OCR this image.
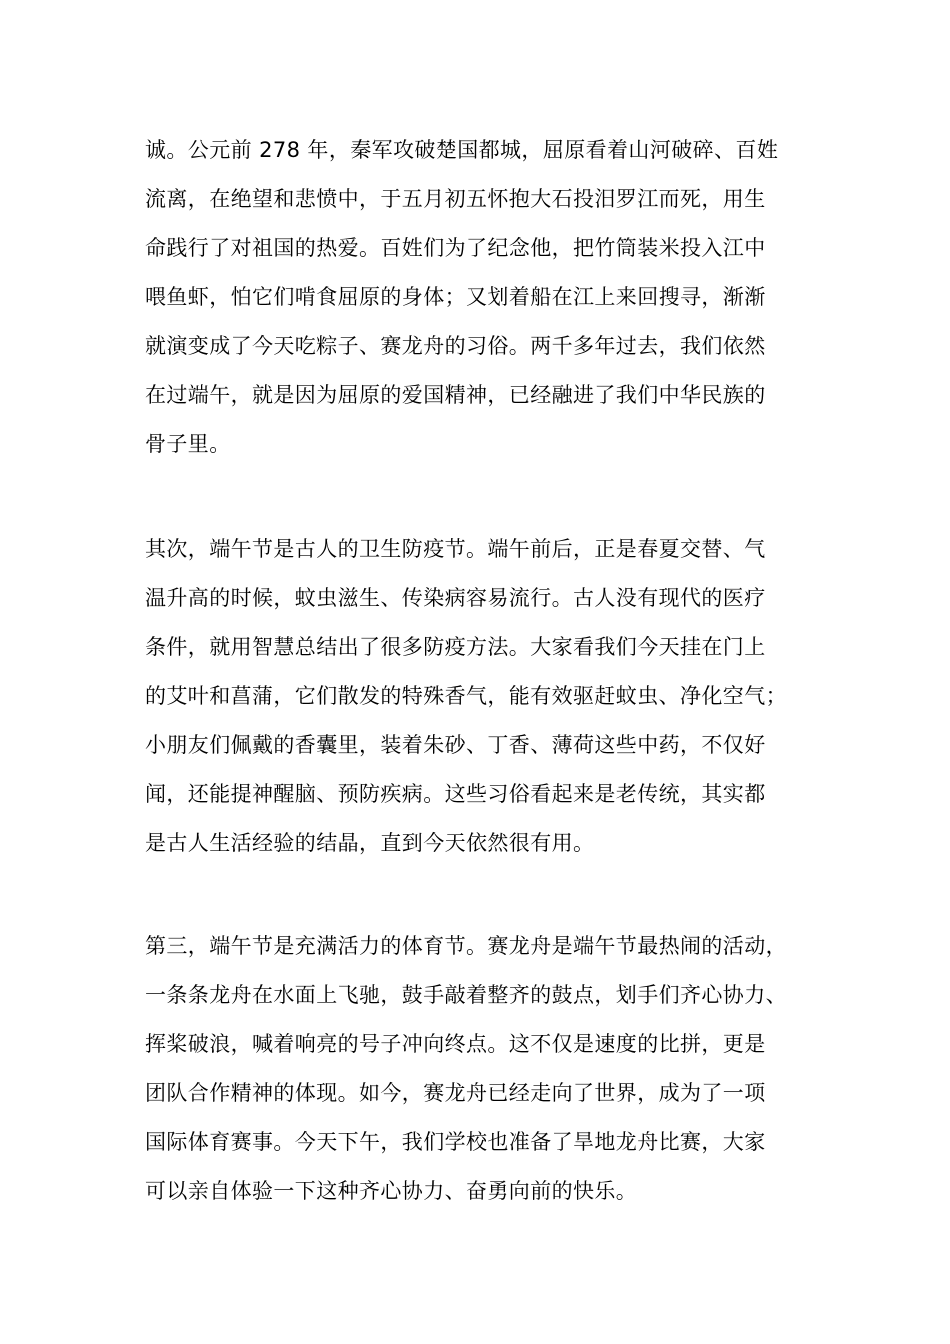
诚。公元前 278 年，秦军攻破楚国都城，屈原看着山河破碎、百姓
流离，在绝望和悲愤中，于五月初五怀抱大石投汨罗江而死，用生
命践行了对祖国的热爱。百姓们为了纪念他，把竹筒装米投入江中
喂鱼虾，怕它们啃食屈原的身体；又划着船在江上来回搜寻，渐渐
就演变成了今天吃粽子、赛龙舟的习俗。两千多年过去，我们依然
在过端午，就是因为屈原的爱国精神，已经融进了我们中华民族的
骨子里。
其次，端午节是古人的卫生防疫节。端午前后，正是春夏交替、气
温升高的时候，蚊虫滋生、传染病容易流行。古人没有现代的医疗
条件，就用智慧总结出了很多防疫方法。大家看我们今天挂在门上
的艾叶和菖蒲，它们散发的特殊香气，能有效驱赶蚊虫、净化空气；
小朋友们佩戴的香囊里，装着朱砂、丁香、薄荷这些中药，不仅好
闻，还能提神醒脑、预防疾病。这些习俗看起来是老传统，其实都
是古人生活经验的结晶，直到今天依然很有用。
第三，端午节是充满活力的体育节。赛龙舟是端午节最热闹的活动，
一条条龙舟在水面上飞驰，鼓手敲着整齐的鼓点，划手们齐心协力、
挥桨破浪，喊着响亮的号子冲向终点。这不仅是速度的比拼，更是
团队合作精神的体现。如今，赛龙舟已经走向了世界，成为了一项
国际体育赛事。今天下午，我们学校也准备了旱地龙舟比赛，大家
可以亲自体验一下这种齐心协力、奋勇向前的快乐。
